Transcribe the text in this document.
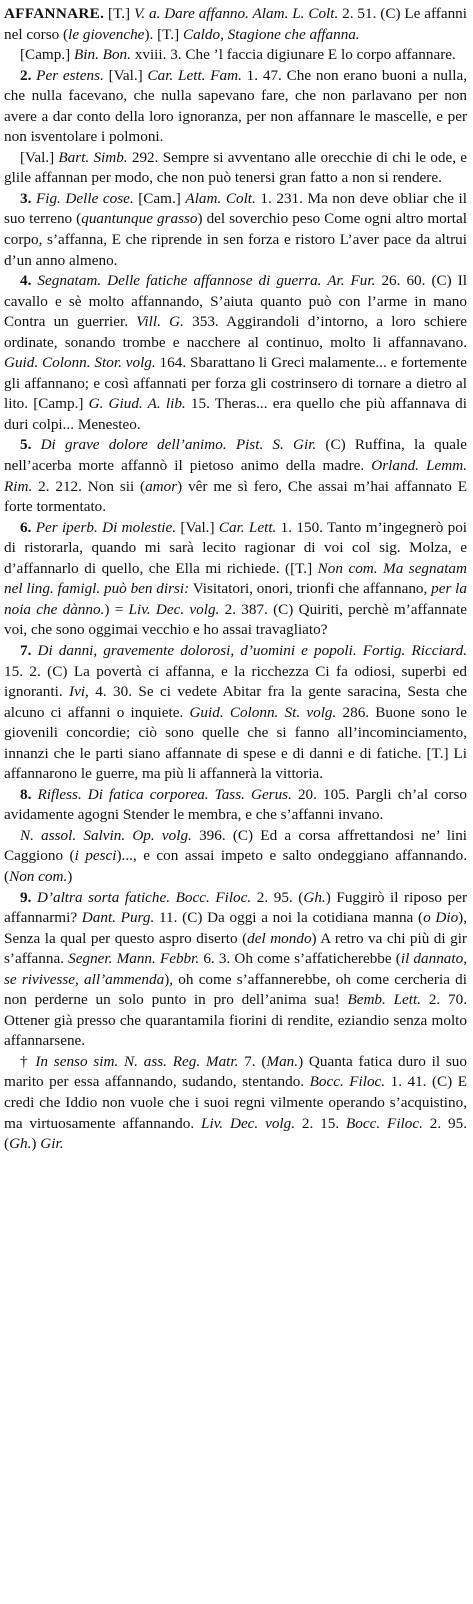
AFFANNARE. [T.] V. a. Dare affanno. Alam. L. Colt. 2. 51. (C) Le affanni nel corso (le giovenche). [T.] Caldo, Stagione che affanna.

[Camp.] Bin. Bon. xviii. 3. Che ’l faccia digiunare E lo corpo affannare.

2. Per estens. [Val.] Car. Lett. Fam. 1. 47. Che non erano buoni a nulla, che nulla facevano, che nulla sapevano fare, che non parlavano per non avere a dar conto della loro ignoranza, per non affannare le mascelle, e per non isventolare i polmoni.

[Val.] Bart. Simb. 292. Sempre si avventano alle orecchie di chi le ode, e glile affannan per modo, che non può tenersi gran fatto a non si rendere.

3. Fig. Delle cose. [Cam.] Alam. Colt. 1. 231. Ma non deve obliar che il suo terreno (quantunque grasso) del soverchio peso Come ogni altro mortal corpo, s’affanna, E che riprende in sen forza e ristoro L’aver pace da altrui d’un anno almeno.

4. Segnatam. Delle fatiche affannose di guerra. Ar. Fur. 26. 60. (C) Il cavallo e sè molto affannando, S’aiuta quanto può con l’arme in mano Contra un guerrier. Vill. G. 353. Aggirandoli d’intorno, a loro schiere ordinate, sonando trombe e nacchere al continuo, molto li affannavano. Guid. Colonn. Stor. volg. 164. Sbarattano li Greci malamente... e fortemente gli affannano; e così affannati per forza gli costrinsero di tornare a dietro al lito. [Camp.] G. Giud. A. lib. 15. Theras... era quello che più affannava di duri colpi... Menesteo.

5. Di grave dolore dell’animo. Pist. S. Gir. (C) Ruffina, la quale nell’acerba morte affannò il pietoso animo della madre. Orland. Lemm. Rim. 2. 212. Non sii (amor) vêr me sì fero, Che assai m’hai affannato E forte tormentato.

6. Per iperb. Di molestie. [Val.] Car. Lett. 1. 150. Tanto m’ingegnerò poi di ristorarla, quando mi sarà lecito ragionar di voi col sig. Molza, e d’affannarlo di quello, che Ella mi richiede. ([T.] Non com. Ma segnatam nel ling. famigl. può ben dirsi: Visitatori, onori, trionfi che affannano, per la noia che dànno.) = Liv. Dec. volg. 2. 387. (C) Quiriti, perchè m’affannate voi, che sono oggimai vecchio e ho assai travagliato?

7. Di danni, gravemente dolorosi, d’uomini e popoli. Fortig. Ricciard. 15. 2. (C) La povertà ci affanna, e la ricchezza Ci fa odiosi, superbi ed ignoranti. Ivi, 4. 30. Se ci vedete Abitar fra la gente saracina, Sesta che alcuno ci affanni o inquiete. Guid. Colonn. St. volg. 286. Buone sono le giovenili concordie; ciò sono quelle che si fanno all’incominciamento, innanzi che le parti siano affannate di spese e di danni e di fatiche. [T.] Li affannarono le guerre, ma più li affannerà la vittoria.

8. Rifless. Di fatica corporea. Tass. Gerus. 20. 105. Pargli ch’al corso avidamente agogni Stender le membra, e che s’affanni invano.

N. assol. Salvin. Op. volg. 396. (C) Ed a corsa affrettandosi ne’ lini Caggiono (i pesci)..., e con assai impeto e salto ondeggiano affannando. (Non com.)

9. D’altra sorta fatiche. Bocc. Filoc. 2. 95. (Gh.) Fuggirò il riposo per affannarmi? Dant. Purg. 11. (C) Da oggi a noi la cotidiana manna (o Dio), Senza la qual per questo aspro diserto (del mondo) A retro va chi più di gir s’affanna. Segner. Mann. Febbr. 6. 3. Oh come s’affaticherebbe (il dannato, se rivivesse, all’ammenda), oh come s’affannerebbe, oh come cercheria di non perderne un solo punto in pro dell’anima sua! Bemb. Lett. 2. 70. Ottener già presso che quarantamila fiorini di rendite, eziandio senza molto affannarsene.

† In senso sim. N. ass. Reg. Matr. 7. (Man.) Quanta fatica duro il suo marito per essa affannando, sudando, stentando. Bocc. Filoc. 1. 41. (C) E credi che Iddio non vuole che i suoi regni vilmente operando s’acquistino, ma virtuosamente affannando. Liv. Dec. volg. 2. 15. Bocc. Filoc. 2. 95. (Gh.) Gir.
